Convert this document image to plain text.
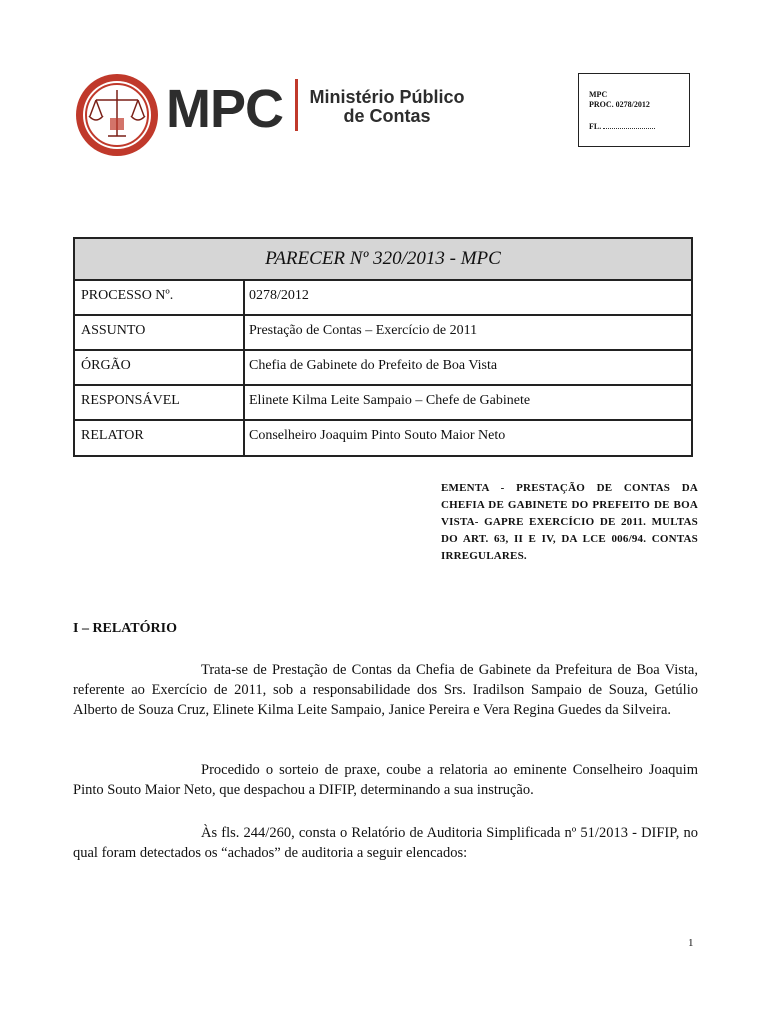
MPC	Ministério Público
de Contas
MPC
PROC. 0278/2012
FL.
PARECER Nº 320/2013 - MPC
PROCESSO Nº.	0278/2012
ASSUNTO	Prestação de Contas – Exercício de 2011
ÓRGÃO	Chefia de Gabinete do Prefeito de Boa Vista
RESPONSÁVEL	Elinete Kilma Leite Sampaio – Chefe de Gabinete
RELATOR	Conselheiro Joaquim Pinto Souto Maior Neto
EMENTA - PRESTAÇÃO DE CONTAS DA CHEFIA DE GABINETE DO PREFEITO DE BOA VISTA- GAPRE EXERCÍCIO DE 2011. MULTAS DO ART. 63, II E IV, DA LCE 006/94. CONTAS IRREGULARES.
I – RELATÓRIO
Trata-se de Prestação de Contas da Chefia de Gabinete da Prefeitura de Boa Vista, referente ao Exercício de 2011, sob a responsabilidade dos Srs. Iradilson Sampaio de Souza, Getúlio Alberto de Souza Cruz, Elinete Kilma Leite Sampaio, Janice Pereira e Vera Regina Guedes da Silveira.
Procedido o sorteio de praxe, coube a relatoria ao eminente Conselheiro Joaquim Pinto Souto Maior Neto, que despachou a DIFIP, determinando a sua instrução.
Às fls. 244/260, consta o Relatório de Auditoria Simplificada nº 51/2013 - DIFIP, no qual foram detectados os “achados” de auditoria a seguir elencados:
1
